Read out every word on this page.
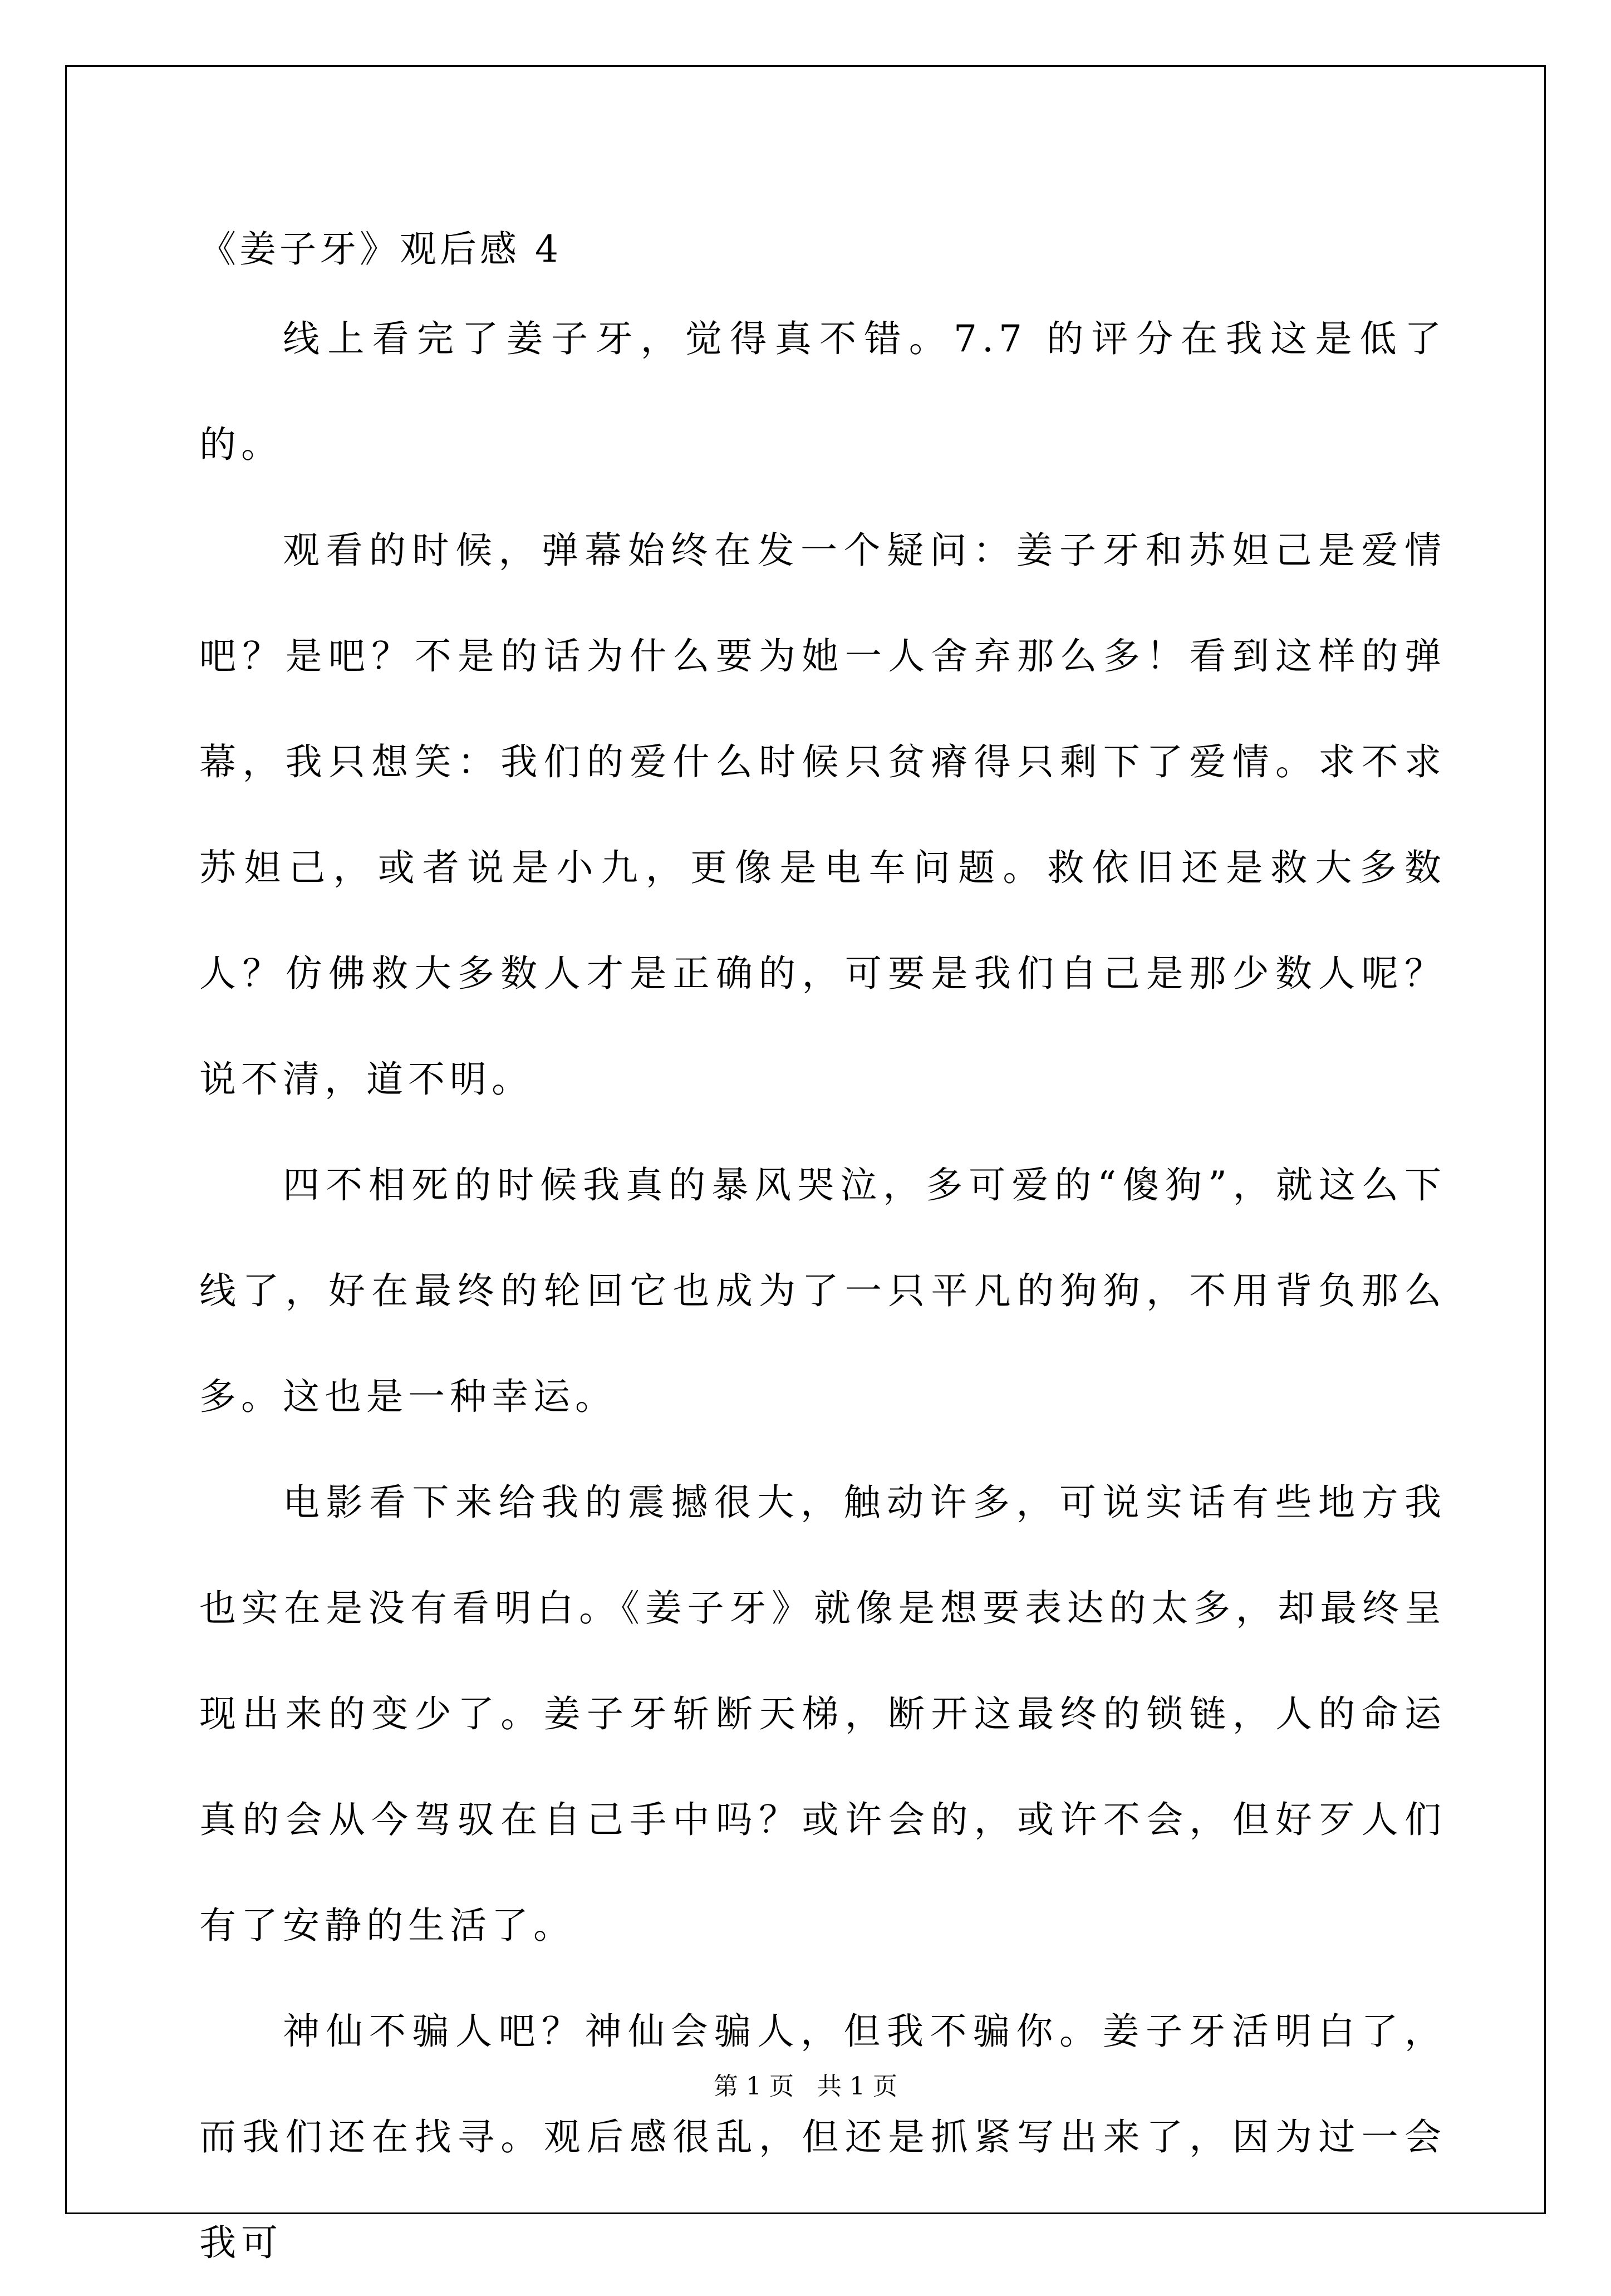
《姜子牙》观后感 4

线上看完了姜子牙，觉得真不错。7.7 的评分在我这是低了的。

观看的时候，弹幕始终在发一个疑问：姜子牙和苏妲己是爱情吧？是吧？不是的话为什么要为她一人舍弃那么多！看到这样的弹幕，我只想笑：我们的爱什么时候只贫瘠得只剩下了爱情。求不求苏妲己，或者说是小九，更像是电车问题。救依旧还是救大多数人？仿佛救大多数人才是正确的，可要是我们自己是那少数人呢？说不清，道不明。

四不相死的时候我真的暴风哭泣，多可爱的“傻狗”，就这么下线了，好在最终的轮回它也成为了一只平凡的狗狗，不用背负那么多。这也是一种幸运。

电影看下来给我的震撼很大，触动许多，可说实话有些地方我也实在是没有看明白。《姜子牙》就像是想要表达的太多，却最终呈现出来的变少了。姜子牙斩断天梯，断开这最终的锁链，人的命运真的会从今驾驭在自己手中吗？或许会的，或许不会，但好歹人们有了安静的生活了。

神仙不骗人吧？神仙会骗人，但我不骗你。姜子牙活明白了，而我们还在找寻。观后感很乱，但还是抓紧写出来了，因为过一会我可

第 1 页   共 1 页
